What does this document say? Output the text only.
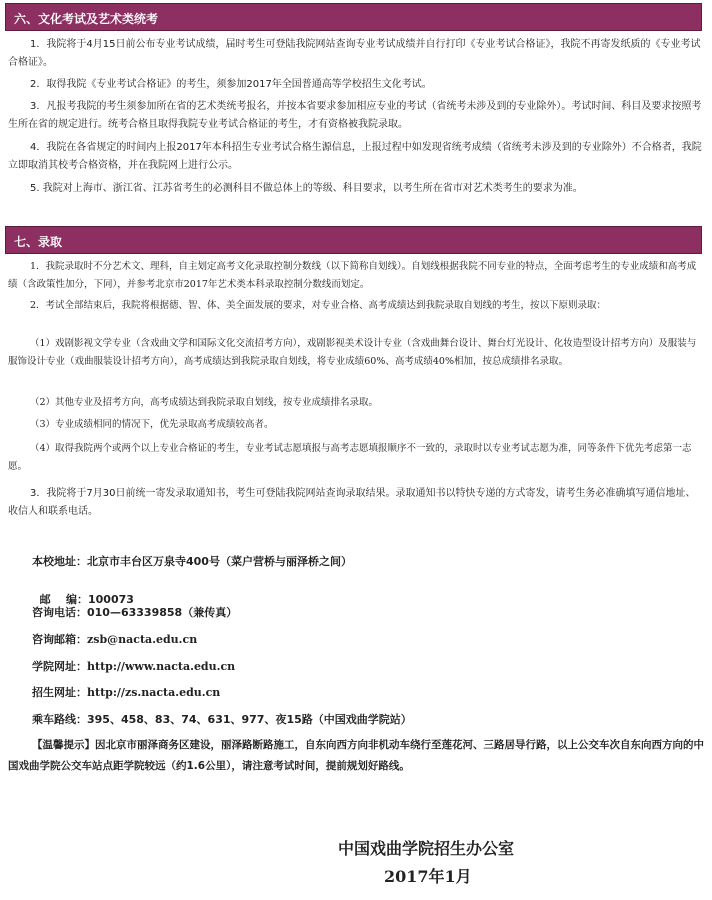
六、文化考试及艺术类统考

1．我院将于4月15日前公布专业考试成绩，届时考生可登陆我院网站查询专业考试成绩并自行打印《专业考试合格证》，我院不再寄发纸质的《专业考试合格证》。

2．取得我院《专业考试合格证》的考生，须参加2017年全国普通高等学校招生文化考试。

3．凡报考我院的考生须参加所在省的艺术类统考报名，并按本省要求参加相应专业的考试（省统考未涉及到的专业除外）。考试时间、科目及要求按照考生所在省的规定进行。统考合格且取得我院专业考试合格证的考生，才有资格被我院录取。

4．我院在各省规定的时间内上报2017年本科招生专业考试合格生源信息，上报过程中如发现省统考成绩（省统考未涉及到的专业除外）不合格者，我院立即取消其校考合格资格，并在我院网上进行公示。

5. 我院对上海市、浙江省、江苏省考生的必测科目不做总体上的等级、科目要求，以考生所在省市对艺术类考生的要求为准。

七、录取

1．我院录取时不分艺术文、理科，自主划定高考文化录取控制分数线（以下简称自划线）。自划线根据我院不同专业的特点，全面考虑考生的专业成绩和高考成绩（含政策性加分，下同），并参考北京市2017年艺术类本科录取控制分数线而划定。

2．考试全部结束后，我院将根据德、智、体、美全面发展的要求，对专业合格、高考成绩达到我院录取自划线的考生，按以下原则录取：

（1）戏剧影视文学专业（含戏曲文学和国际文化交流招考方向），戏剧影视美术设计专业（含戏曲舞台设计、舞台灯光设计、化妆造型设计招考方向）及服装与服饰设计专业（戏曲服装设计招考方向），高考成绩达到我院录取自划线，将专业成绩60%、高考成绩40%相加，按总成绩排名录取。

（2）其他专业及招考方向，高考成绩达到我院录取自划线，按专业成绩排名录取。

（3）专业成绩相同的情况下，优先录取高考成绩较高者。

（4）取得我院两个或两个以上专业合格证的考生，专业考试志愿填报与高考志愿填报顺序不一致的，录取时以专业考试志愿为准，同等条件下优先考虑第一志愿。

3．我院将于7月30日前统一寄发录取通知书，考生可登陆我院网站查询录取结果。录取通知书以特快专递的方式寄发，请考生务必准确填写通信地址、收信人和联系电话。

本校地址：北京市丰台区万泉寺400号（菜户营桥与丽泽桥之间）

邮    编：100073

咨询电话：010—63339858（兼传真）
咨询邮箱：zsb@nacta.edu.cn
学院网址：http://www.nacta.edu.cn
招生网址：http://zs.nacta.edu.cn
乘车路线：395、458、83、74、631、977、夜15路（中国戏曲学院站）

【温馨提示】因北京市丽泽商务区建设，丽泽路断路施工，自东向西方向非机动车绕行至莲花河、三路居导行路，以上公交车次自东向西方向的中国戏曲学院公交车站点距学院较远（约1.6公里），请注意考试时间，提前规划好路线。

中国戏曲学院招生办公室
2017年1月
